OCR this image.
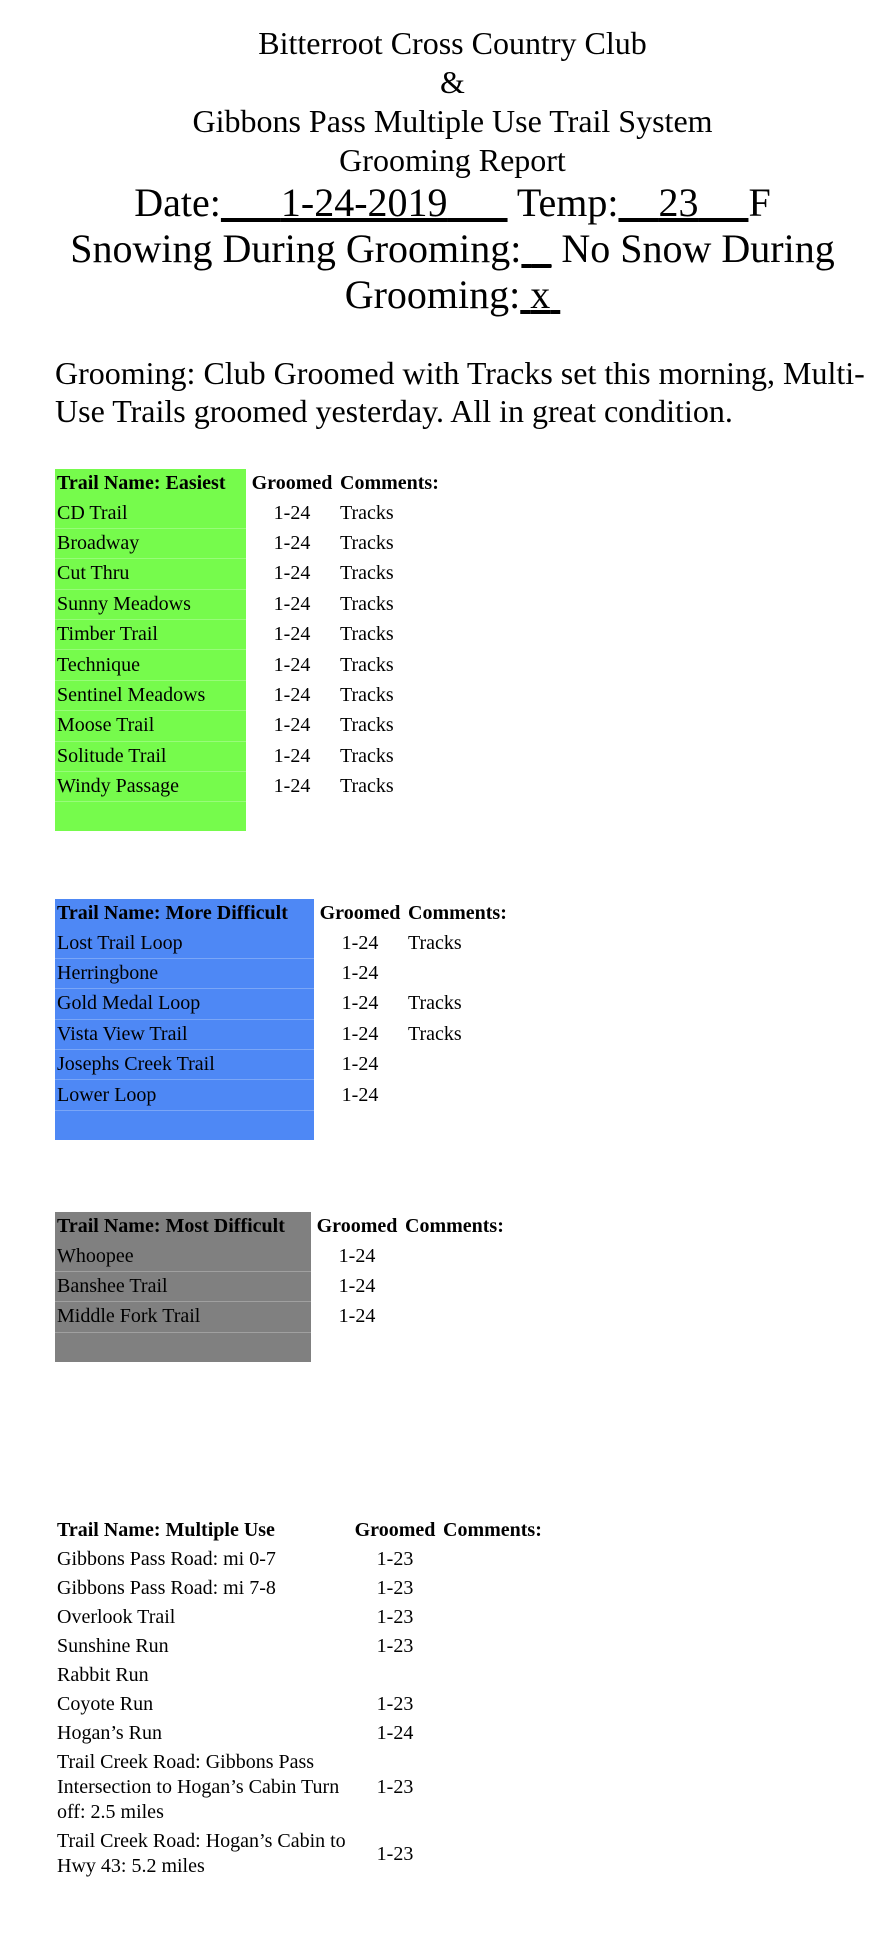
Bitterroot Cross Country Club
&
Gibbons Pass Multiple Use Trail System
Grooming Report
Date: 1-24-2019 Temp: 23 F
Snowing During Grooming: _ No Snow During
Grooming: x
Grooming: Club Groomed with Tracks set this morning, Multi-Use Trails groomed yesterday. All in great condition.
Trail Name: Easiest	Groomed	Comments:
CD Trail	1-24	Tracks
Broadway	1-24	Tracks
Cut Thru	1-24	Tracks
Sunny Meadows	1-24	Tracks
Timber Trail	1-24	Tracks
Technique	1-24	Tracks
Sentinel Meadows	1-24	Tracks
Moose Trail	1-24	Tracks
Solitude Trail	1-24	Tracks
Windy Passage	1-24	Tracks

Trail Name: More Difficult	Groomed	Comments:
Lost Trail Loop	1-24	Tracks
Herringbone	1-24	
Gold Medal Loop	1-24	Tracks
Vista View Trail	1-24	Tracks
Josephs Creek Trail	1-24	
Lower Loop	1-24	

Trail Name: Most Difficult	Groomed	Comments:
Whoopee	1-24	
Banshee Trail	1-24	
Middle Fork Trail	1-24	

Trail Name: Multiple Use	Groomed	Comments:
Gibbons Pass Road: mi 0-7	1-23	
Gibbons Pass Road: mi 7-8	1-23	
Overlook Trail	1-23	
Sunshine Run	1-23	
Rabbit Run		
Coyote Run	1-23	
Hogan’s Run	1-24	
Trail Creek Road: Gibbons Pass Intersection to Hogan’s Cabin Turn off: 2.5 miles	1-23	
Trail Creek Road: Hogan’s Cabin to Hwy 43: 5.2 miles	1-23	
